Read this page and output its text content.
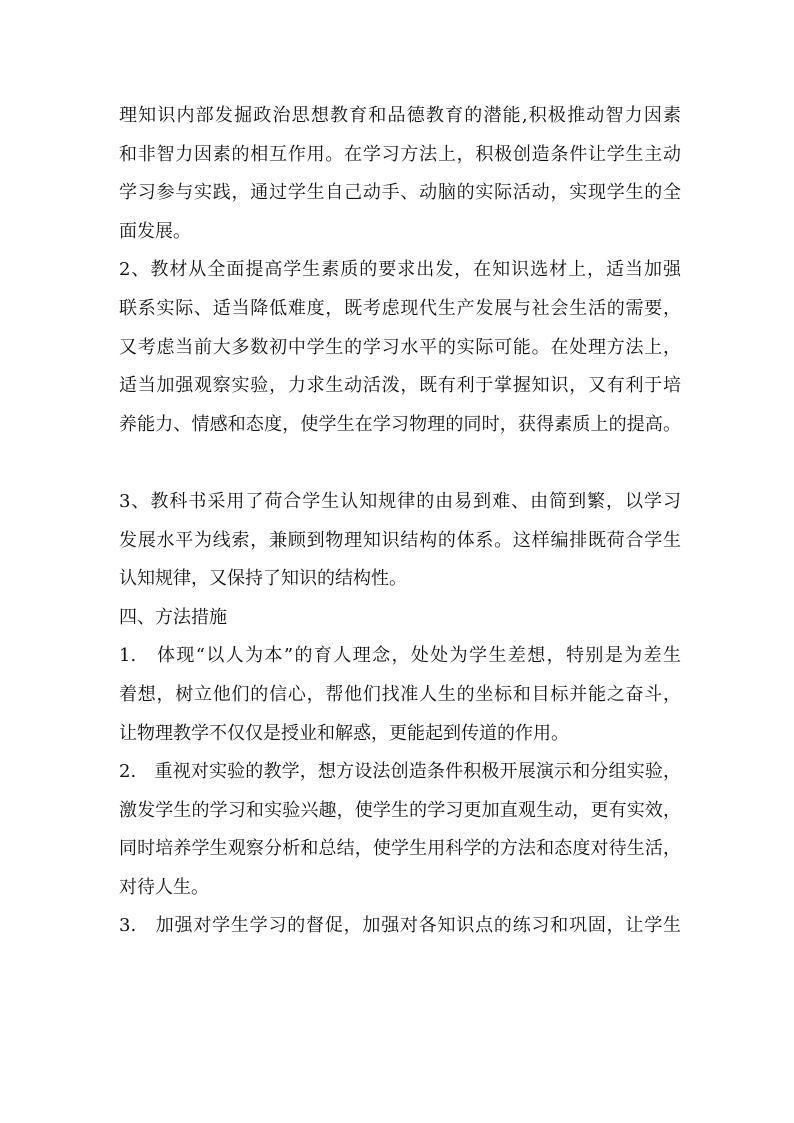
理知识内部发掘政治思想教育和品德教育的潜能,积极推动智力因素
和非智力因素的相互作用。在学习方法上，积极创造条件让学生主动
学习参与实践，通过学生自己动手、动脑的实际活动，实现学生的全
面发展。
2、教材从全面提高学生素质的要求出发，在知识选材上，适当加强
联系实际、适当降低难度，既考虑现代生产发展与社会生活的需要，
又考虑当前大多数初中学生的学习水平的实际可能。在处理方法上，
适当加强观察实验，力求生动活泼，既有利于掌握知识，又有利于培
养能力、情感和态度，使学生在学习物理的同时，获得素质上的提高。
3、教科书采用了荷合学生认知规律的由易到难、由简到繁，以学习
发展水平为线索，兼顾到物理知识结构的体系。这样编排既荷合学生
认知规律，又保持了知识的结构性。
四、方法措施
1.　体现“以人为本”的育人理念，处处为学生差想，特别是为差生
着想，树立他们的信心，帮他们找准人生的坐标和目标并能之奋斗，
让物理教学不仅仅是授业和解惑，更能起到传道的作用。
2.　重视对实验的教学，想方设法创造条件积极开展演示和分组实验，
激发学生的学习和实验兴趣，使学生的学习更加直观生动，更有实效，
同时培养学生观察分析和总结，使学生用科学的方法和态度对待生活，
对待人生。
3.　加强对学生学习的督促，加强对各知识点的练习和巩固，让学生
